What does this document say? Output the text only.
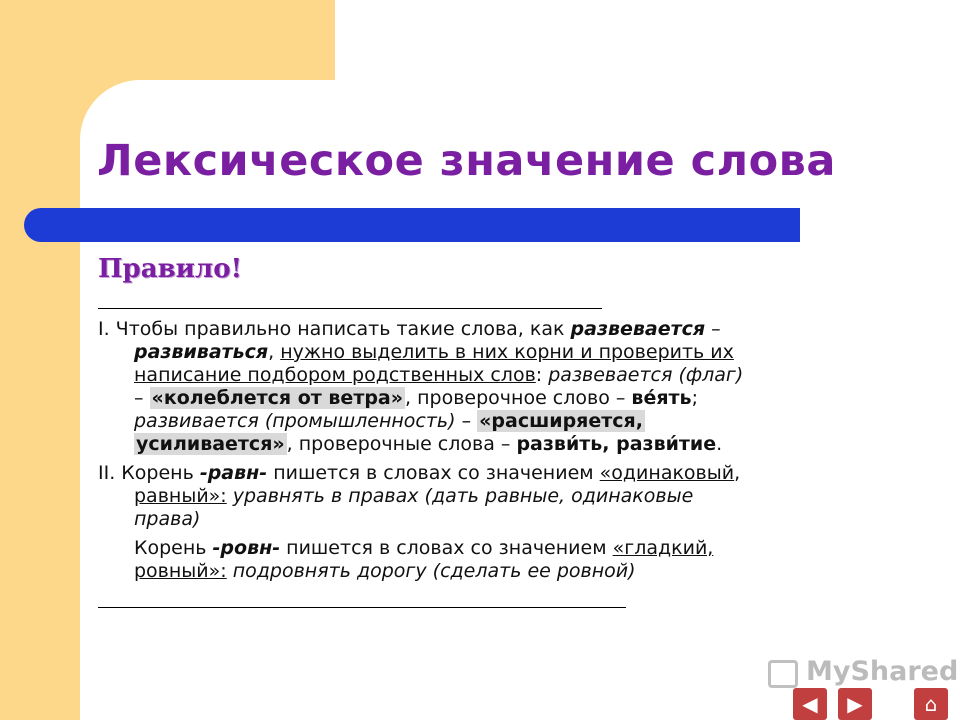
Лексическое значение слова
Правило!
I. Чтобы правильно написать такие слова, как развевается –
развиваться, нужно выделить в них корни и проверить их
написание подбором родственных слов: развевается (флаг)
– «колеблется от ветра» , проверочное слово – ве́ять;
развивается (промышленность) – «расширяется,
усиливается» , проверочные слова – разви́ть, разви́тие.
II. Корень -равн- пишется в словах со значением «одинаковый,
равный»: уравнять в правах (дать равные, одинаковые
права)
Корень -ровн- пишется в словах со значением «гладкий,
ровный»: подровнять дорогу (сделать ее ровной)
MyShared
◀	▶	⌂
